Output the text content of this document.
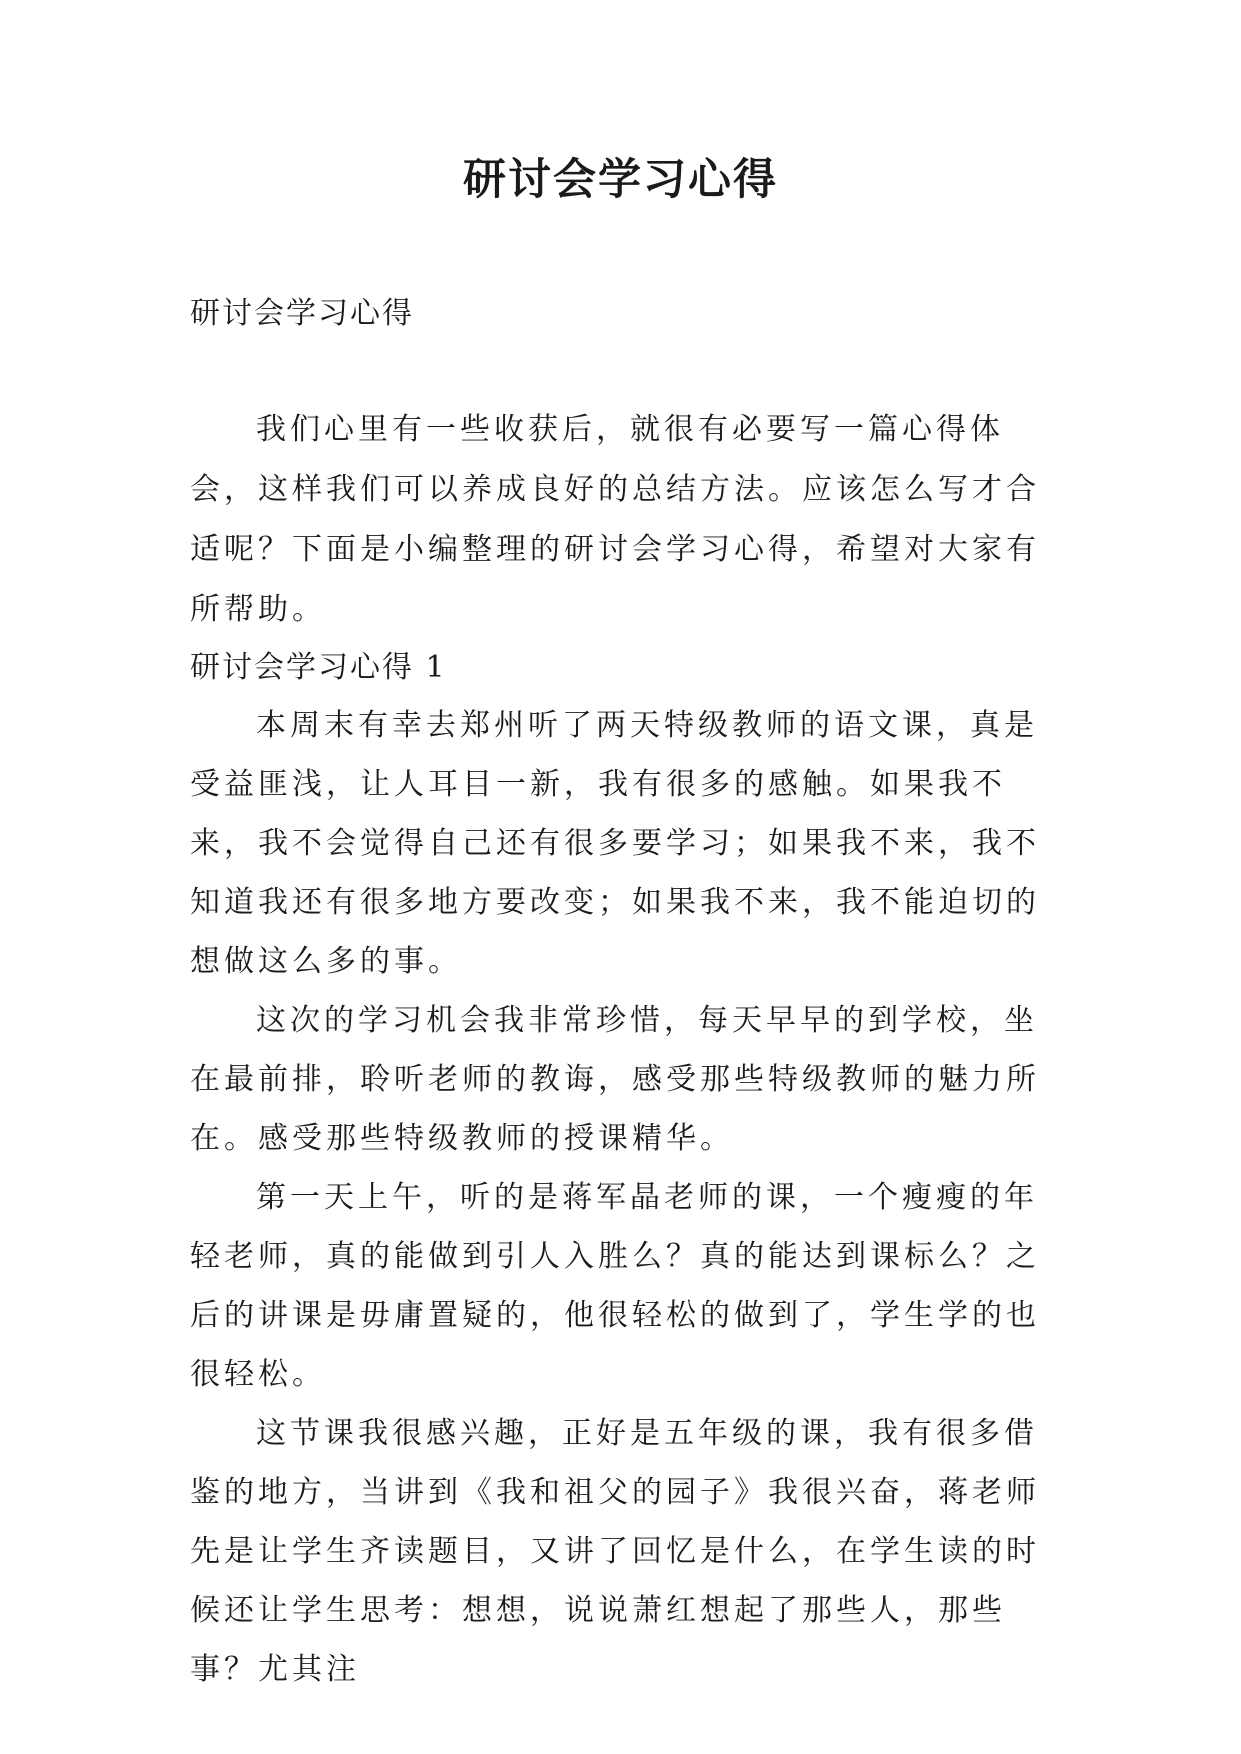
研讨会学习心得
研讨会学习心得

我们心里有一些收获后，就很有必要写一篇心得体会，这样我们可以养成良好的总结方法。应该怎么写才合适呢？下面是小编整理的研讨会学习心得，希望对大家有所帮助。

研讨会学习心得 1

本周末有幸去郑州听了两天特级教师的语文课，真是受益匪浅，让人耳目一新，我有很多的感触。如果我不来，我不会觉得自己还有很多要学习；如果我不来，我不知道我还有很多地方要改变；如果我不来，我不能迫切的想做这么多的事。

这次的学习机会我非常珍惜，每天早早的到学校，坐在最前排，聆听老师的教诲，感受那些特级教师的魅力所在。感受那些特级教师的授课精华。

第一天上午，听的是蒋军晶老师的课，一个瘦瘦的年轻老师，真的能做到引人入胜么？真的能达到课标么？之后的讲课是毋庸置疑的，他很轻松的做到了，学生学的也很轻松。

这节课我很感兴趣，正好是五年级的课，我有很多借鉴的地方，当讲到《我和祖父的园子》我很兴奋，蒋老师先是让学生齐读题目，又讲了回忆是什么，在学生读的时候还让学生思考：想想，说说萧红想起了那些人，那些事？尤其注
